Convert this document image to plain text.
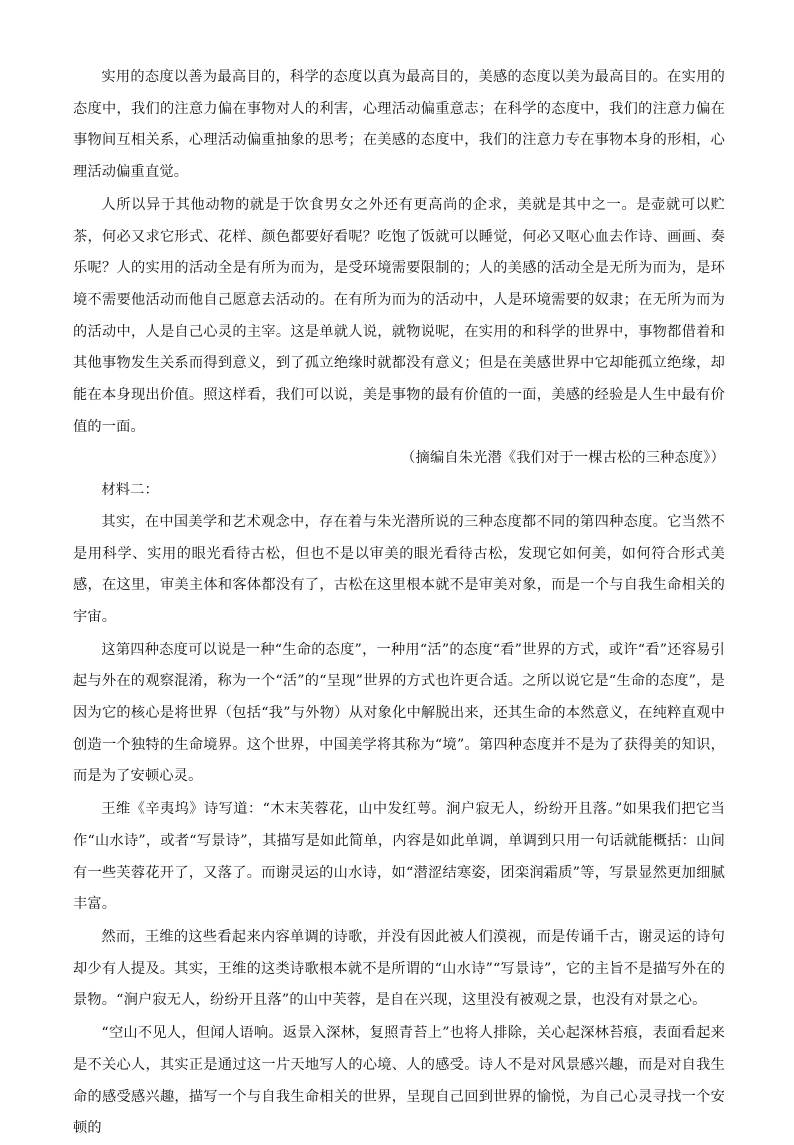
实用的态度以善为最高目的，科学的态度以真为最高目的，美感的态度以美为最高目的。在实用的态度中，我们的注意力偏在事物对人的利害，心理活动偏重意志；在科学的态度中，我们的注意力偏在事物间互相关系，心理活动偏重抽象的思考；在美感的态度中，我们的注意力专在事物本身的形相，心理活动偏重直觉。

人所以异于其他动物的就是于饮食男女之外还有更高尚的企求，美就是其中之一。是壶就可以贮茶，何必又求它形式、花样、颜色都要好看呢？吃饱了饭就可以睡觉，何必又呕心血去作诗、画画、奏乐呢？人的实用的活动全是有所为而为，是受环境需要限制的；人的美感的活动全是无所为而为，是环境不需要他活动而他自己愿意去活动的。在有所为而为的活动中，人是环境需要的奴隶；在无所为而为的活动中，人是自己心灵的主宰。这是单就人说，就物说呢，在实用的和科学的世界中，事物都借着和其他事物发生关系而得到意义，到了孤立绝缘时就都没有意义；但是在美感世界中它却能孤立绝缘，却能在本身现出价值。照这样看，我们可以说，美是事物的最有价值的一面，美感的经验是人生中最有价值的一面。

（摘编自朱光潜《我们对于一棵古松的三种态度》）

材料二：

其实，在中国美学和艺术观念中，存在着与朱光潜所说的三种态度都不同的第四种态度。它当然不是用科学、实用的眼光看待古松，但也不是以审美的眼光看待古松，发现它如何美，如何符合形式美感，在这里，审美主体和客体都没有了，古松在这里根本就不是审美对象，而是一个与自我生命相关的宇宙。

这第四种态度可以说是一种“生命的态度”，一种用“活”的态度“看”世界的方式，或许“看”还容易引起与外在的观察混淆，称为一个“活”的“呈现”世界的方式也许更合适。之所以说它是“生命的态度”，是因为它的核心是将世界（包括“我”与外物）从对象化中解脱出来，还其生命的本然意义，在纯粹直观中创造一个独特的生命境界。这个世界，中国美学将其称为“境”。第四种态度并不是为了获得美的知识，而是为了安顿心灵。

王维《辛夷坞》诗写道：“木末芙蓉花，山中发红萼。涧户寂无人，纷纷开且落。”如果我们把它当作“山水诗”，或者“写景诗”，其描写是如此简单，内容是如此单调，单调到只用一句话就能概括：山间有一些芙蓉花开了，又落了。而谢灵运的山水诗，如“潜涩结寒姿，团栾润霜质”等，写景显然更加细腻丰富。

然而，王维的这些看起来内容单调的诗歌，并没有因此被人们漠视，而是传诵千古，谢灵运的诗句却少有人提及。其实，王维的这类诗歌根本就不是所谓的“山水诗”“写景诗”，它的主旨不是描写外在的景物。“涧户寂无人，纷纷开且落”的山中芙蓉，是自在兴现，这里没有被观之景，也没有对景之心。

“空山不见人，但闻人语响。返景入深林，复照青苔上”也将人排除，关心起深林苔痕，表面看起来是不关心人，其实正是通过这一片天地写人的心境、人的感受。诗人不是对风景感兴趣，而是对自我生命的感受感兴趣，描写一个与自我生命相关的世界，呈现自己回到世界的愉悦，为自己心灵寻找一个安顿的
